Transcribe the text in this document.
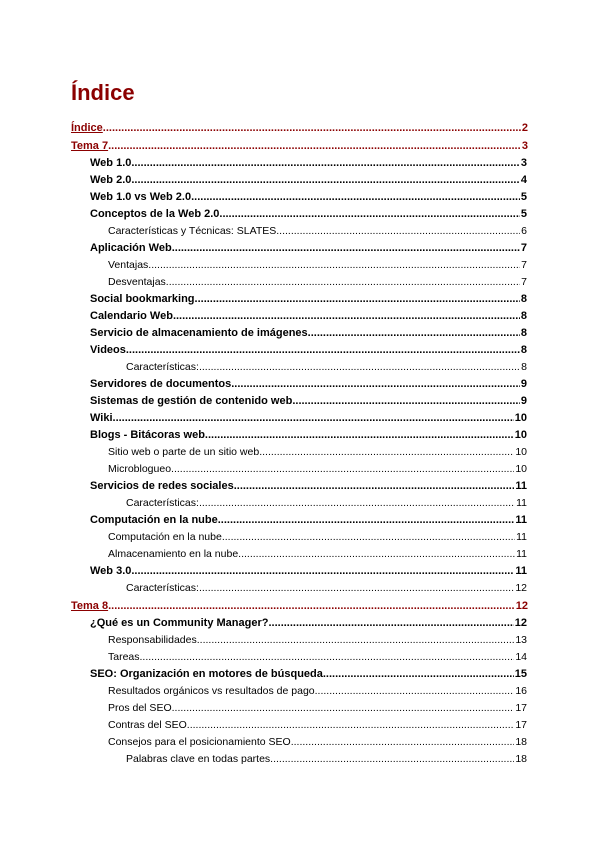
Índice
Índice .....	2
Tema 7 .....	3
Web 1.0 .....	3
Web 2.0 .....	4
Web 1.0 vs Web 2.0 .....	5
Conceptos de la Web 2.0 .....	5
Características y Técnicas: SLATES .....	6
Aplicación Web .....	7
Ventajas .....	7
Desventajas .....	7
Social bookmarking .....	8
Calendario Web .....	8
Servicio de almacenamiento de imágenes .....	8
Videos .....	8
Características: .....	8
Servidores de documentos .....	9
Sistemas de gestión de contenido web .....	9
Wiki .....	10
Blogs - Bitácoras web .....	10
Sitio web o parte de un sitio web .....	10
Microblogueo .....	10
Servicios de redes sociales .....	11
Características: .....	11
Computación en la nube .....	11
Computación en la nube .....	11
Almacenamiento en la nube .....	11
Web 3.0 .....	11
Características: .....	12
Tema 8 .....	12
¿Qué es un Community Manager? .....	12
Responsabilidades .....	13
Tareas .....	14
SEO: Organización en motores de búsqueda .....	15
Resultados orgánicos vs resultados de pago .....	16
Pros del SEO .....	17
Contras del SEO .....	17
Consejos para el posicionamiento SEO .....	18
Palabras clave en todas partes .....	18
